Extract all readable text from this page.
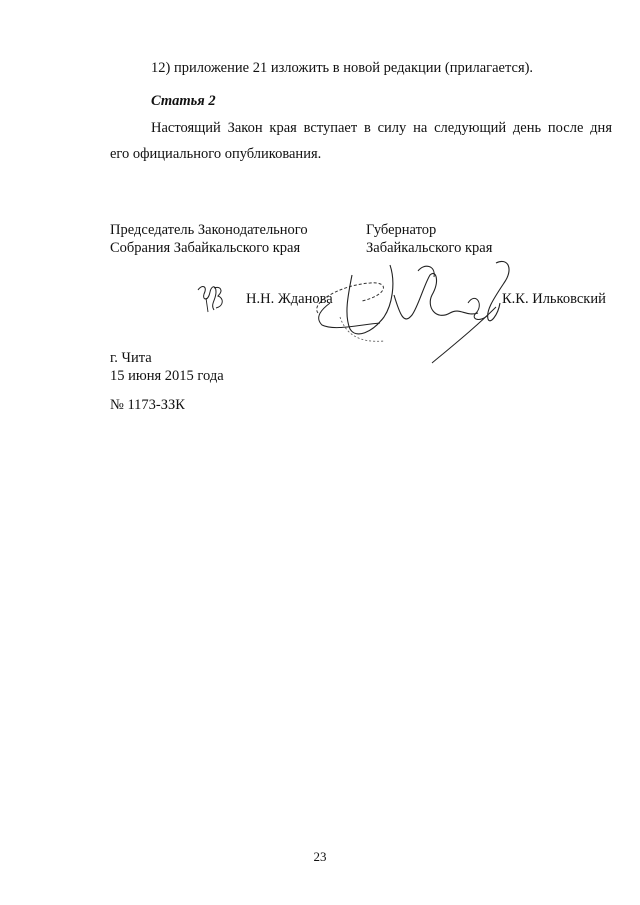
12) приложение 21 изложить в новой редакции (прилагается).
Статья 2
Настоящий Закон края вступает в силу на следующий день после дня
его официального опубликования.
Председатель Законодательного
Собрания Забайкальского края
Губернатор
Забайкальского края
Н.Н. Жданова	К.К. Ильковский
г. Чита
15 июня 2015 года
№ 1173-ЗЗК
23
